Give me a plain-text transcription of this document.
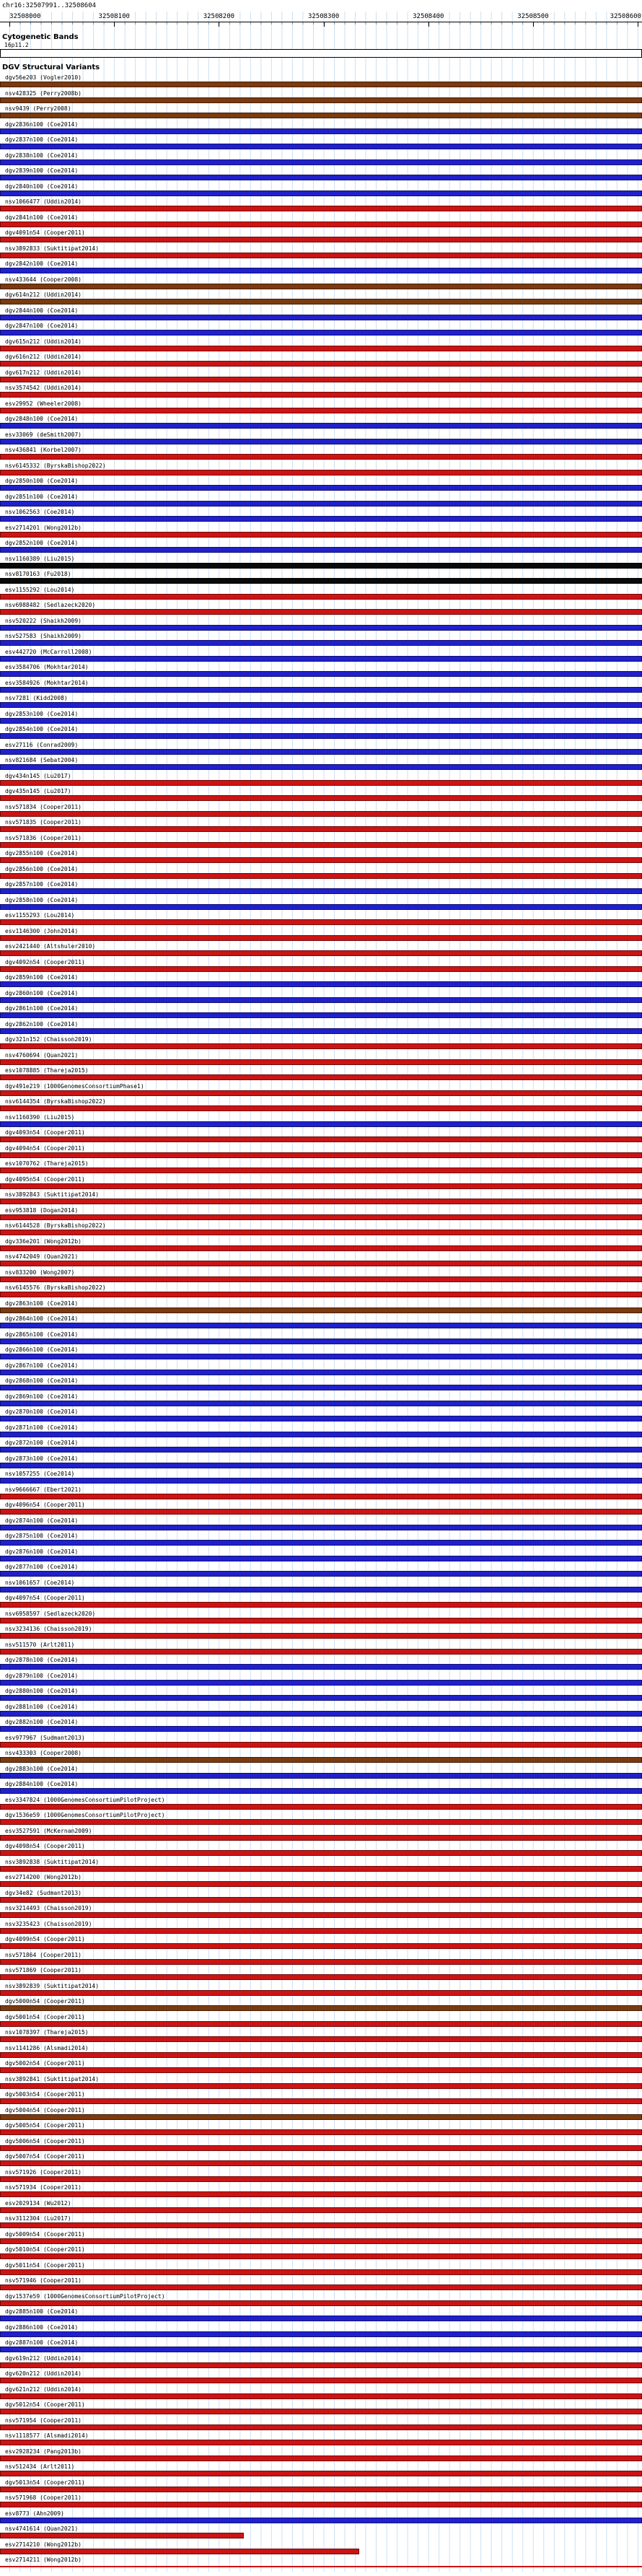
chr16:32507991..32508604
32508000	32508100	32508200	32508300	32508400	32508500	32508600
Cytogenetic Bands
16p11.2
DGV Structural Variants
dgv56e203 (Vogler2010)
nsv428325 (Perry2008b)
nsv9439 (Perry2008)
dgv2836n100 (Coe2014)
dgv2837n100 (Coe2014)
dgv2838n100 (Coe2014)
dgv2839n100 (Coe2014)
dgv2840n100 (Coe2014)
nsv1066477 (Uddin2014)
dgv2841n100 (Coe2014)
dgv4091n54 (Cooper2011)
nsv3892833 (Suktitipat2014)
dgv2842n100 (Coe2014)
nsv433644 (Cooper2008)
dgv614n212 (Uddin2014)
dgv2844n100 (Coe2014)
dgv2847n100 (Coe2014)
dgv615n212 (Uddin2014)
dgv616n212 (Uddin2014)
dgv617n212 (Uddin2014)
nsv3574542 (Uddin2014)
esv29952 (Wheeler2008)
dgv2848n100 (Coe2014)
esv33069 (deSmith2007)
nsv436841 (Korbel2007)
nsv6145332 (ByrskaBishop2022)
dgv2850n100 (Coe2014)
dgv2851n100 (Coe2014)
nsv1062563 (Coe2014)
esv2714201 (Wong2012b)
dgv2852n100 (Coe2014)
nsv1160389 (Liu2015)
nsv8170163 (Fu2018)
esv1155292 (Lou2014)
nsv6988482 (Sedlazeck2020)
nsv520222 (Shaikh2009)
nsv527583 (Shaikh2009)
esv442720 (McCarroll2008)
esv3584706 (Mokhtar2014)
esv3584926 (Mokhtar2014)
nsv7281 (Kidd2008)
dgv2853n100 (Coe2014)
dgv2854n100 (Coe2014)
esv27116 (Conrad2009)
nsv821684 (Sebat2004)
dgv434n145 (Lu2017)
dgv435n145 (Lu2017)
nsv571834 (Cooper2011)
nsv571835 (Cooper2011)
nsv571836 (Cooper2011)
dgv2855n100 (Coe2014)
dgv2856n100 (Coe2014)
dgv2857n100 (Coe2014)
dgv2858n100 (Coe2014)
esv1155293 (Lou2014)
esv1146300 (John2014)
esv2421440 (Altshuler2010)
dgv4092n54 (Cooper2011)
dgv2859n100 (Coe2014)
dgv2860n100 (Coe2014)
dgv2861n100 (Coe2014)
dgv2862n100 (Coe2014)
dgv321n152 (Chaisson2019)
nsv4760694 (Quan2021)
esv1078885 (Thareja2015)
dgv491e219 (1000GenomesConsortiumPhase1)
nsv6144354 (ByrskaBishop2022)
nsv1160390 (Liu2015)
dgv4093n54 (Cooper2011)
dgv4094n54 (Cooper2011)
esv1070762 (Thareja2015)
dgv4095n54 (Cooper2011)
nsv3892843 (Suktitipat2014)
esv953818 (Dogan2014)
nsv6144528 (ByrskaBishop2022)
dgv336e201 (Wong2012b)
nsv4742049 (Quan2021)
nsv833200 (Wong2007)
nsv6145576 (ByrskaBishop2022)
dgv2863n100 (Coe2014)
dgv2864n100 (Coe2014)
dgv2865n100 (Coe2014)
dgv2866n100 (Coe2014)
dgv2867n100 (Coe2014)
dgv2868n100 (Coe2014)
dgv2869n100 (Coe2014)
dgv2870n100 (Coe2014)
dgv2871n100 (Coe2014)
dgv2872n100 (Coe2014)
dgv2873n100 (Coe2014)
nsv1057255 (Coe2014)
nsv9666667 (Ebert2021)
dgv4096n54 (Cooper2011)
dgv2874n100 (Coe2014)
dgv2875n100 (Coe2014)
dgv2876n100 (Coe2014)
dgv2877n100 (Coe2014)
nsv1061657 (Coe2014)
dgv4097n54 (Cooper2011)
nsv6958597 (Sedlazeck2020)
nsv3234136 (Chaisson2019)
nsv511570 (Arlt2011)
dgv2878n100 (Coe2014)
dgv2879n100 (Coe2014)
dgv2880n100 (Coe2014)
dgv2881n100 (Coe2014)
dgv2882n100 (Coe2014)
esv977967 (Sudmant2013)
nsv433303 (Cooper2008)
dgv2883n100 (Coe2014)
dgv2884n100 (Coe2014)
esv3347824 (1000GenomesConsortiumPilotProject)
dgv1536e59 (1000GenomesConsortiumPilotProject)
esv3527591 (McKernan2009)
dgv4098n54 (Cooper2011)
nsv3892838 (Suktitipat2014)
esv2714200 (Wong2012b)
dgv34e82 (Sudmant2013)
nsv3214493 (Chaisson2019)
nsv3235423 (Chaisson2019)
dgv4099n54 (Cooper2011)
nsv571864 (Cooper2011)
nsv571869 (Cooper2011)
nsv3892839 (Suktitipat2014)
dgv5000n54 (Cooper2011)
dgv5001n54 (Cooper2011)
nsv1078397 (Thareja2015)
nsv1141286 (Alsmadi2014)
dgv5002n54 (Cooper2011)
nsv3892841 (Suktitipat2014)
dgv5003n54 (Cooper2011)
dgv5004n54 (Cooper2011)
dgv5005n54 (Cooper2011)
dgv5006n54 (Cooper2011)
dgv5007n54 (Cooper2011)
nsv571926 (Cooper2011)
nsv571934 (Cooper2011)
esv2029134 (Wu2012)
nsv3112304 (Lu2017)
dgv5009n54 (Cooper2011)
dgv5010n54 (Cooper2011)
dgv5011n54 (Cooper2011)
nsv571946 (Cooper2011)
dgv1537e59 (1000GenomesConsortiumPilotProject)
dgv2885n100 (Coe2014)
dgv2886n100 (Coe2014)
dgv2887n100 (Coe2014)
dgv619n212 (Uddin2014)
dgv620n212 (Uddin2014)
dgv621n212 (Uddin2014)
dgv5012n54 (Cooper2011)
nsv571954 (Cooper2011)
nsv1118577 (Alsmadi2014)
esv2928234 (Pang2013b)
nsv512434 (Arlt2011)
dgv5013n54 (Cooper2011)
nsv571968 (Cooper2011)
esv8773 (Ahn2009)
nsv4741614 (Quan2021)
esv2714210 (Wong2012b)
esv2714211 (Wong2012b)
